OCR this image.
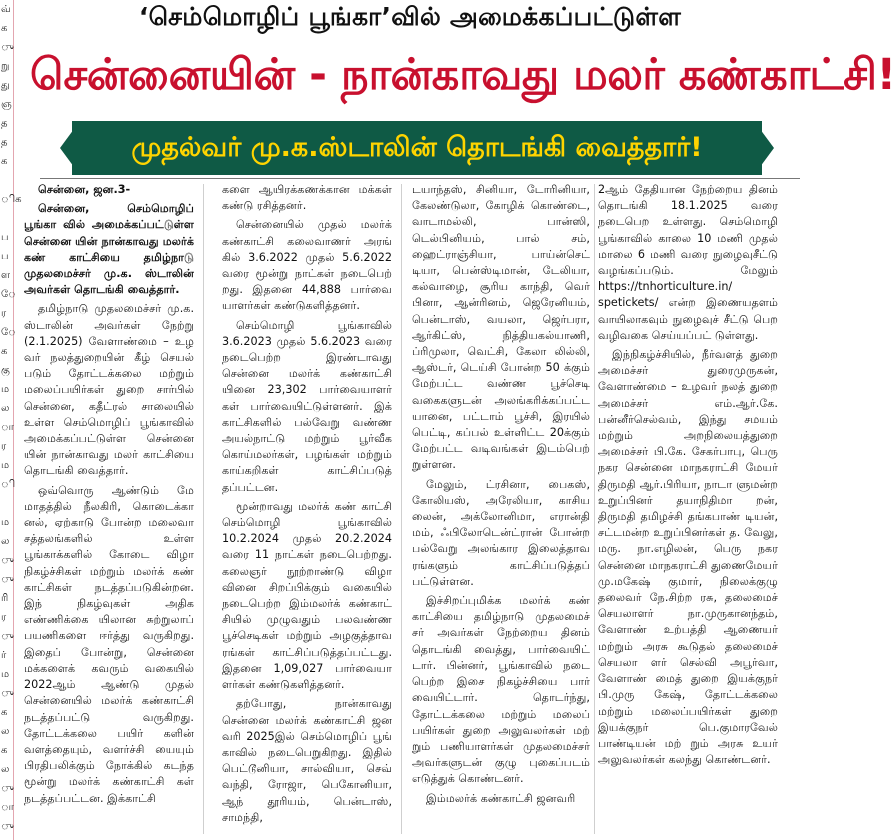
வ்
க
ு
று
து
ஞ
த
த
க

ிக

ப
ப
ள
ே
ர
ே
க
கு
ம
ல
ா
ர
ம
ி

ம
ல
ு
ு
ரி
ர
ு
ர்
ம
ு
க
ல
க
ல
ு
ா
ு
‘செம்மொழிப் பூங்கா’வில் அமைக்கப்பட்டுள்ள
சென்னையின் - நான்காவது மலர் கண்காட்சி!
முதல்வர் மு.க.ஸ்டாலின் தொடங்கி வைத்தார்!

சென்னை, ஜன.3-

சென்னை, செம்மொழிப் பூங்கா வில் அமைக்கப்பட்டுள்ள சென்னை யின் நான்காவது மலர்க் கண் காட்சியை தமிழ்நாடு முதலமைச்சர் மு.க. ஸ்டாலின் அவர்கள் தொடங்கி வைத்தார்.

தமிழ்நாடு முதலமைச்சர் மு.க. ஸ்டாலின் அவர்கள் நேற்று (2.1.2025) வேளாண்மை – உழ வர் நலத்துறையின் கீழ் செயல் படும் தோட்டக்கலை மற்றும் மலைப்பயிர்கள் துறை சார்பில் சென்னை, கதீட்ரல் சாலையில் உள்ள செம்மொழிப் பூங்காவில் அமைக்கப்பட்டுள்ள சென்னை யின் நான்காவது மலர் காட்சியை தொடங்கி வைத்தார்.

ஒவ்வொரு ஆண்டும் மே மாதத்தில் நீலகிரி, கொடைக்கா னல், ஏற்காடு போன்ற மலைவா சத்தலங்களில் உள்ள பூங்காக்களில் கோடை விழா நிகழ்ச்சிகள் மற்றும் மலர்க் கண் காட்சிகள் நடத்தப்படுகின்றன. இந் நிகழ்வுகள் அதிக எண்ணிக்கை யிலான சுற்றுலாப் பயணிகளை ஈர்த்து வருகிறது. இதைப் போன்று, சென்னை மக்களைக் கவரும் வகையில் 2022ஆம் ஆண்டு முதல் சென்னையில் மலர்க் கண்காட்சி நடத்தப்பட்டு வருகிறது. தோட்டக்கலை பயிர் களின் வளத்தையும், வளர்ச்சி யையும் பிரதிபலிக்கும் நோக்கில் கடந்த மூன்று மலர்க் கண்காட்சி கள் நடத்தப்பட்டன. இக்காட்சி

களை ஆயிரக்கணக்கான மக்கள் கண்டு ரசித்தனர்.

சென்னையில் முதல் மலர்க் கண்காட்சி கலைவாணர் அரங் கில் 3.6.2022 முதல் 5.6.2022 வரை மூன்று நாட்கள் நடைபெற் றது. இதனை 44,888 பார்வை யாளர்கள் கண்டுகளித்தனர்.

செம்மொழி பூங்காவில் 3.6.2023 முதல் 5.6.2023 வரை நடைபெற்ற இரண்டாவது சென்னை மலர்க் கண்காட்சி யினை 23,302 பார்வையாளர் கள் பார்வையிட்டுள்ளனர். இக் காட்சிகளில் பல்வேறு வண்ண அயல்நாட்டு மற்றும் பூர்வீக கொய்மலர்கள், பழங்கள் மற்றும் காய்கறிகள் காட்சிப்படுத் தப்பட்டன.

மூன்றாவது மலர்க் கண் காட்சி செம்மொழி பூங்காவில் 10.2.2024 முதல் 20.2.2024 வரை 11 நாட்கள் நடைபெற்றது. கலைஞர் நூற்றாண்டு விழா வினை சிறப்பிக்கும் வகையில் நடைபெற்ற இம்மலர்க் கண்காட் சியில் முழுவதும் பலவண்ண பூச்செடிகள் மற்றும் அழகுத்தாவ ரங்கள் காட்சிப்படுத்தப்பட்டது. இதனை 1,09,027 பார்வையா ளர்கள் கண்டுகளித்தனர்.

தற்போது, நான்காவது சென்னை மலர்க் கண்காட்சி ஜன வரி 2025இல் செம்மொழிப் பூங் காவில் நடைபெறுகிறது. இதில் பெட்டூனியா, சால்வியா, செவ் வந்தி, ரோஜா, பெகோனியா, ஆந் தூரியம், பென்டாஸ், சாமந்தி,

டயாந்தஸ், சினியா, டோரினியா, கேலண்டுலா, கோழிக் கொண்டை, வாடாமல்லி, பான்ஸி, டெல்பினியம், பால் சம், ஹைட்ராஞ்சியா, பாய்ன்செட் டியா, பென்ஸ்டிமான், டேலியா, கல்வாழை, சூரிய காந்தி, வெர் பினா, ஆன்ரினம், ஜெரேனியம், பென்டாஸ், வயலா, ஜெர்பரா, ஆர்கிட்ஸ், நித்தியகல்யாணி, ப்ரிமுலா, வெட்சி, கேலா லில்லி, ஆஸ்டர், டெய்சி போன்ற 50 க்கும் மேற்பட்ட வண்ண பூச்செடி வகைகளுடன் அலங்கரிக்கப்பட்ட யானை, பட்டாம் பூச்சி, இரயில் பெட்டி, கப்பல் உள்ளிட்ட 20க்கும் மேற்பட்ட வடிவங்கள் இடம்பெற் றுள்ளன.

மேலும், ட்ரசினா, பைகஸ், கோலியஸ், அரேலியா, காசிய லைன், அக்லோனிமா, எரான்தி மம், ஃபிலோடென்ட்ரான் போன்ற பல்வேறு அலங்கார இலைத்தாவ ரங்களும் காட்சிப்படுத்தப் பட்டுள்ளன.

இச்சிறப்புமிக்க மலர்க் கண் காட்சியை தமிழ்நாடு முதலமைச் சர் அவர்கள் நேற்றைய தினம் தொடங்கி வைத்து, பார்வையிட் டார். பின்னர், பூங்காவில் நடை பெற்ற இசை நிகழ்ச்சியை பார் வையிட்டார். தொடர்ந்து, தோட்டக்கலை மற்றும் மலைப் பயிர்கள் துறை அலுவலர்கள் மற் றும் பணியாளர்கள் முதலமைச்சர் அவர்களுடன் குழு புகைப்படம் எடுத்துக் கொண்டனர்.

இம்மலர்க் கண்காட்சி ஜனவரி

2ஆம் தேதியான நேற்றைய தினம் தொடங்கி 18.1.2025 வரை நடைபெற உள்ளது. செம்மொழி பூங்காவில் காலை 10 மணி முதல் மாலை 6 மணி வரை நுழைவுசீட்டு வழங்கப்படும். மேலும் https://tnhorticulture.in/ spetickets/ என்ற இணையதளம் வாயிலாகவும் நுழைவுச் சீட்டு பெற வழிவகை செய்யப்பட் டுள்ளது.

இந்நிகழ்ச்சியில், நீர்வளத் துறை அமைச்சர் துரைமுருகன், வேளாண்மை – உழவர் நலத் துறை அமைச்சர் எம்.ஆர்.கே. பன்னீர்செல்வம், இந்து சமயம் மற்றும் அறநிலையத்துறை அமைச்சர் பி.கே. சேகர்பாபு, பெரு நகர சென்னை மாநகராட்சி மேயர் திருமதி ஆர்.பிரியா, நாடா ளுமன்ற உறுப்பினர் தயாநிதிமா றன், திருமதி தமிழச்சி தங்கபாண் டியன், சட்டமன்ற உறுப்பினர்கள் த. வேலு, மரு. நா.எழிலன், பெரு நகர சென்னை மாநகராட்சி துணைமேயர் மு.மகேஷ் குமார், நிலைக்குழு தலைவர் நே.சிற்ற ரசு, தலைமைச் செயலாளர் நா.முருகானந்தம், வேளாண் உற்பத்தி ஆணையர் மற்றும் அரசு கூடுதல் தலைமைச் செயலா ளர் செல்வி அபூர்வா, வேளாண் மைத் துறை இயக்குநர் பி.முரு கேஷ், தோட்டக்கலை மற்றும் மலைப்பயிர்கள் துறை இயக்குநர் பெ.குமாரவேல் பாண்டியன் மற் றும் அரசு உயர் அலுவலர்கள் கலந்து கொண்டனர்.
